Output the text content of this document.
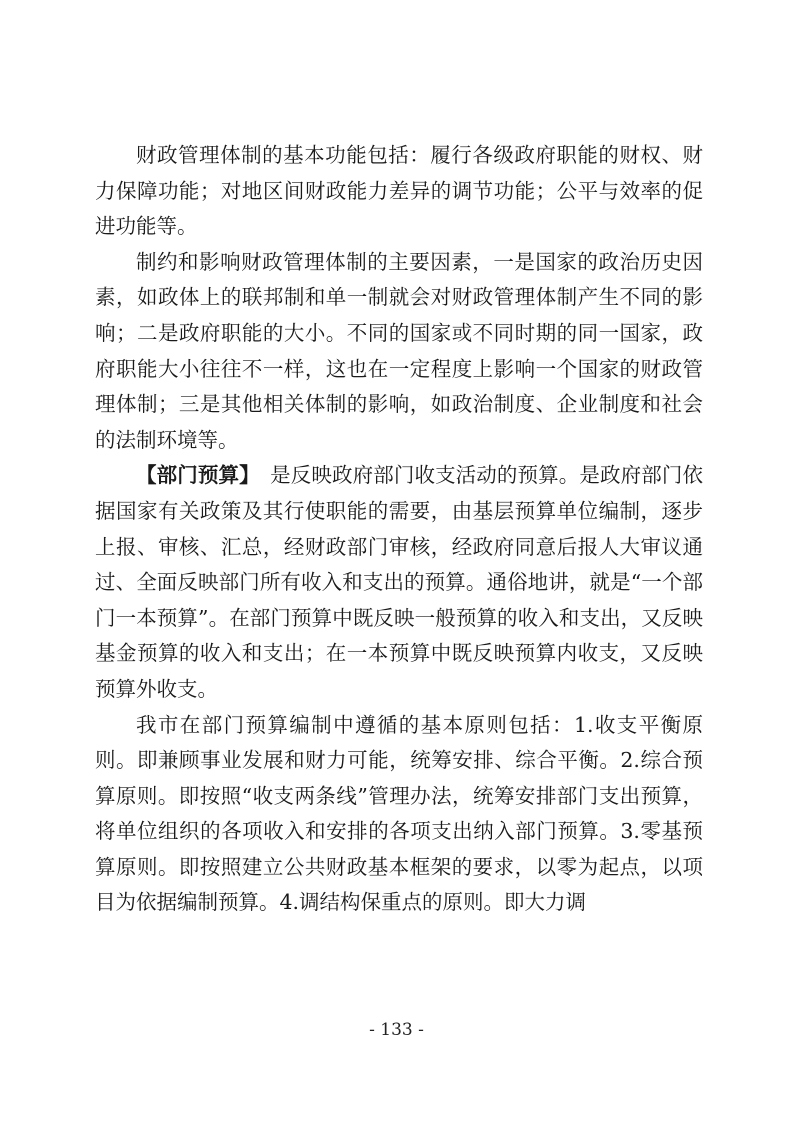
财政管理体制的基本功能包括：履行各级政府职能的财权、财力保障功能；对地区间财政能力差异的调节功能；公平与效率的促进功能等。

制约和影响财政管理体制的主要因素，一是国家的政治历史因素，如政体上的联邦制和单一制就会对财政管理体制产生不同的影响；二是政府职能的大小。不同的国家或不同时期的同一国家，政府职能大小往往不一样，这也在一定程度上影响一个国家的财政管理体制；三是其他相关体制的影响，如政治制度、企业制度和社会的法制环境等。

【部门预算】　是反映政府部门收支活动的预算。是政府部门依据国家有关政策及其行使职能的需要，由基层预算单位编制，逐步上报、审核、汇总，经财政部门审核，经政府同意后报人大审议通过、全面反映部门所有收入和支出的预算。通俗地讲，就是“一个部门一本预算”。在部门预算中既反映一般预算的收入和支出，又反映基金预算的收入和支出；在一本预算中既反映预算内收支，又反映预算外收支。

我市在部门预算编制中遵循的基本原则包括：1.收支平衡原则。即兼顾事业发展和财力可能，统筹安排、综合平衡。2.综合预算原则。即按照“收支两条线”管理办法，统筹安排部门支出预算，将单位组织的各项收入和安排的各项支出纳入部门预算。3.零基预算原则。即按照建立公共财政基本框架的要求，以零为起点，以项目为依据编制预算。4.调结构保重点的原则。即大力调

- 133 -
